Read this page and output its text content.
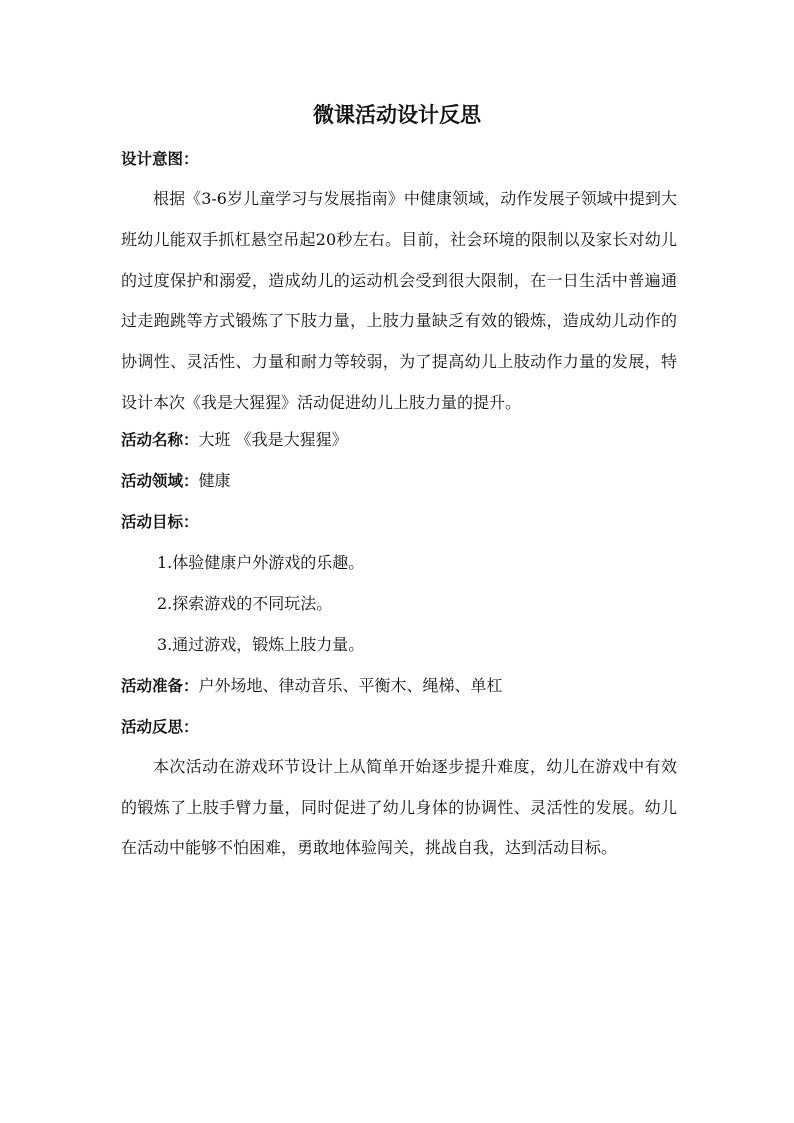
微课活动设计反思
设计意图：

根据《3-6岁儿童学习与发展指南》中健康领域，动作发展子领域中提到大班幼儿能双手抓杠悬空吊起20秒左右。目前，社会环境的限制以及家长对幼儿的过度保护和溺爱，造成幼儿的运动机会受到很大限制，在一日生活中普遍通过走跑跳等方式锻炼了下肢力量，上肢力量缺乏有效的锻炼，造成幼儿动作的协调性、灵活性、力量和耐力等较弱，为了提高幼儿上肢动作力量的发展，特设计本次《我是大猩猩》活动促进幼儿上肢力量的提升。

活动名称：大班 《我是大猩猩》
活动领域：健康
活动目标：
1.体验健康户外游戏的乐趣。
2.探索游戏的不同玩法。
3.通过游戏，锻炼上肢力量。
活动准备：户外场地、律动音乐、平衡木、绳梯、单杠
活动反思：

本次活动在游戏环节设计上从简单开始逐步提升难度，幼儿在游戏中有效的锻炼了上肢手臂力量，同时促进了幼儿身体的协调性、灵活性的发展。幼儿在活动中能够不怕困难，勇敢地体验闯关，挑战自我，达到活动目标。
